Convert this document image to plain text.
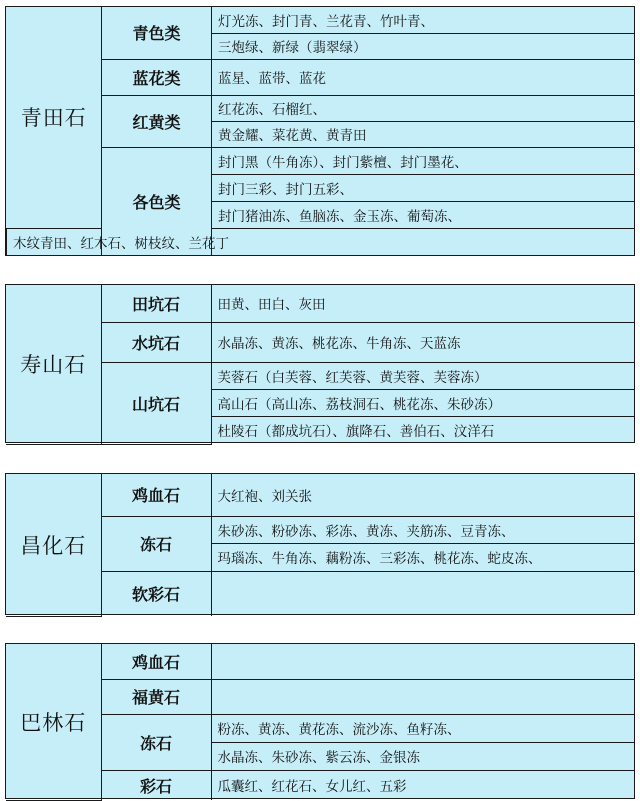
青田石	青色类	灯光冻、封门青、兰花青、竹叶青、
		三炮绿、新绿（翡翠绿）
	蓝花类	蓝星、蓝带、蓝花
	红黄类	红花冻、石榴红、
		黄金耀、菜花黄、黄青田
	各色类	封门黑（牛角冻）、封门紫檀、封门墨花、
		封门三彩、封门五彩、
		封门猪油冻、鱼脑冻、金玉冻、葡萄冻、
木纹青田、红木石、树枝纹、兰花丁		
寿山石	田坑石	田黄、田白、灰田
	水坑石	水晶冻、黄冻、桃花冻、牛角冻、天蓝冻
	山坑石	芙蓉石（白芙蓉、红芙蓉、黄芙蓉、芙蓉冻）
		高山石（高山冻、荔枝洞石、桃花冻、朱砂冻）
		杜陵石（都成坑石）、旗降石、善伯石、汶洋石
昌化石	鸡血石	大红袍、刘关张
	冻石	朱砂冻、粉砂冻、彩冻、黄冻、夹筋冻、豆青冻、
		玛瑙冻、牛角冻、藕粉冻、三彩冻、桃花冻、蛇皮冻、
	软彩石	
巴林石	鸡血石	
	福黄石	
	冻石	粉冻、黄冻、黄花冻、流沙冻、鱼籽冻、
		水晶冻、朱砂冻、紫云冻、金银冻
	彩石	瓜囊红、红花石、女儿红、五彩
